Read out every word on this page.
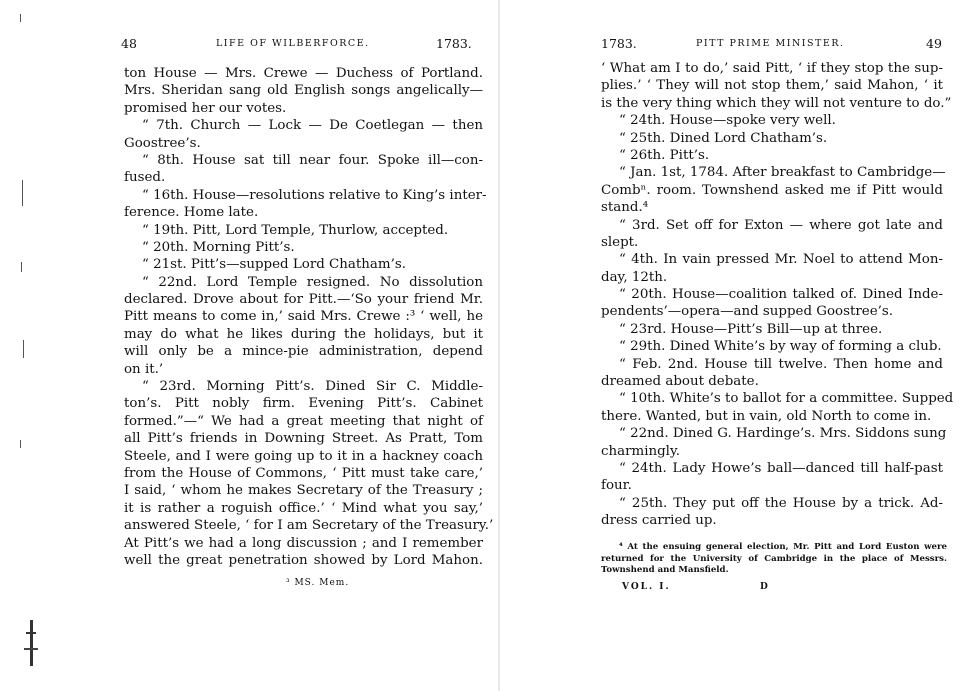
48	LIFE OF WILBERFORCE.	1783.
ton House — Mrs. Crewe — Duchess of Portland.
Mrs. Sheridan sang old English songs angelically—
promised her our votes.
“ 7th. Church — Lock — De Coetlegan — then
Goostree’s.
“ 8th. House sat till near four. Spoke ill—con-
fused.
“ 16th. House—resolutions relative to King’s inter-
ference. Home late.
“ 19th. Pitt, Lord Temple, Thurlow, accepted.
“ 20th. Morning Pitt’s.
“ 21st. Pitt’s—supped Lord Chatham’s.
“ 22nd. Lord Temple resigned. No dissolution
declared. Drove about for Pitt.—‘So your friend Mr.
Pitt means to come in,’ said Mrs. Crewe :³ ‘ well, he
may do what he likes during the holidays, but it
will only be a mince-pie administration, depend
on it.’
“ 23rd. Morning Pitt’s. Dined Sir C. Middle-
ton’s. Pitt nobly firm. Evening Pitt’s. Cabinet
formed.”—“ We had a great meeting that night of
all Pitt’s friends in Downing Street. As Pratt, Tom
Steele, and I were going up to it in a hackney coach
from the House of Commons, ‘ Pitt must take care,’
I said, ‘ whom he makes Secretary of the Treasury ;
it is rather a roguish office.’ ‘ Mind what you say,’
answered Steele, ‘ for I am Secretary of the Treasury.’
At Pitt’s we had a long discussion ; and I remember
well the great penetration showed by Lord Mahon.
³ MS. Mem.
1783.	PITT PRIME MINISTER.	49
‘ What am I to do,’ said Pitt, ‘ if they stop the sup-
plies.’ ‘ They will not stop them,’ said Mahon, ‘ it
is the very thing which they will not venture to do.”
“ 24th. House—spoke very well.
“ 25th. Dined Lord Chatham’s.
“ 26th. Pitt’s.
“ Jan. 1st, 1784. After breakfast to Cambridge—
Combⁿ. room. Townshend asked me if Pitt would
stand.⁴
“ 3rd. Set off for Exton — where got late and
slept.
“ 4th. In vain pressed Mr. Noel to attend Mon-
day, 12th.
“ 20th. House—coalition talked of. Dined Inde-
pendents’—opera—and supped Goostree’s.
“ 23rd. House—Pitt’s Bill—up at three.
“ 29th. Dined White’s by way of forming a club.
“ Feb. 2nd. House till twelve. Then home and
dreamed about debate.
“ 10th. White’s to ballot for a committee. Supped
there. Wanted, but in vain, old North to come in.
“ 22nd. Dined G. Hardinge’s. Mrs. Siddons sung
charmingly.
“ 24th. Lady Howe’s ball—danced till half-past
four.
“ 25th. They put off the House by a trick. Ad-
dress carried up.
⁴ At the ensuing general election, Mr. Pitt and Lord Euston were
returned for the University of Cambridge in the place of Messrs.
Townshend and Mansfield.
VOL. I.	D
